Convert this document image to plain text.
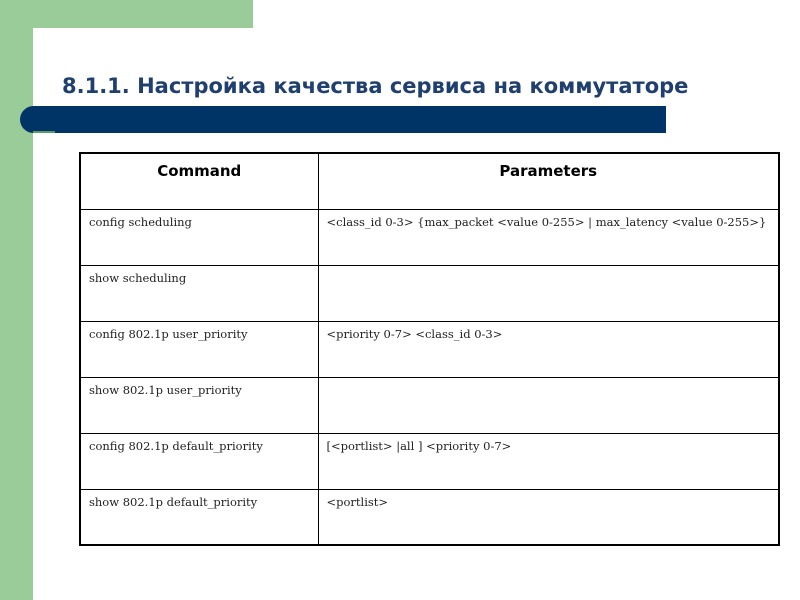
8.1.1. Настройка качества сервиса на коммутаторе
Command	Parameters
config scheduling	<class_id 0-3> {max_packet <value 0-255> | max_latency <value 0-255>}
show scheduling	
config 802.1p user_priority	<priority 0-7> <class_id 0-3>
show 802.1p user_priority	
config 802.1p default_priority	[<portlist> |all ] <priority 0-7>
show 802.1p default_priority	<portlist>
